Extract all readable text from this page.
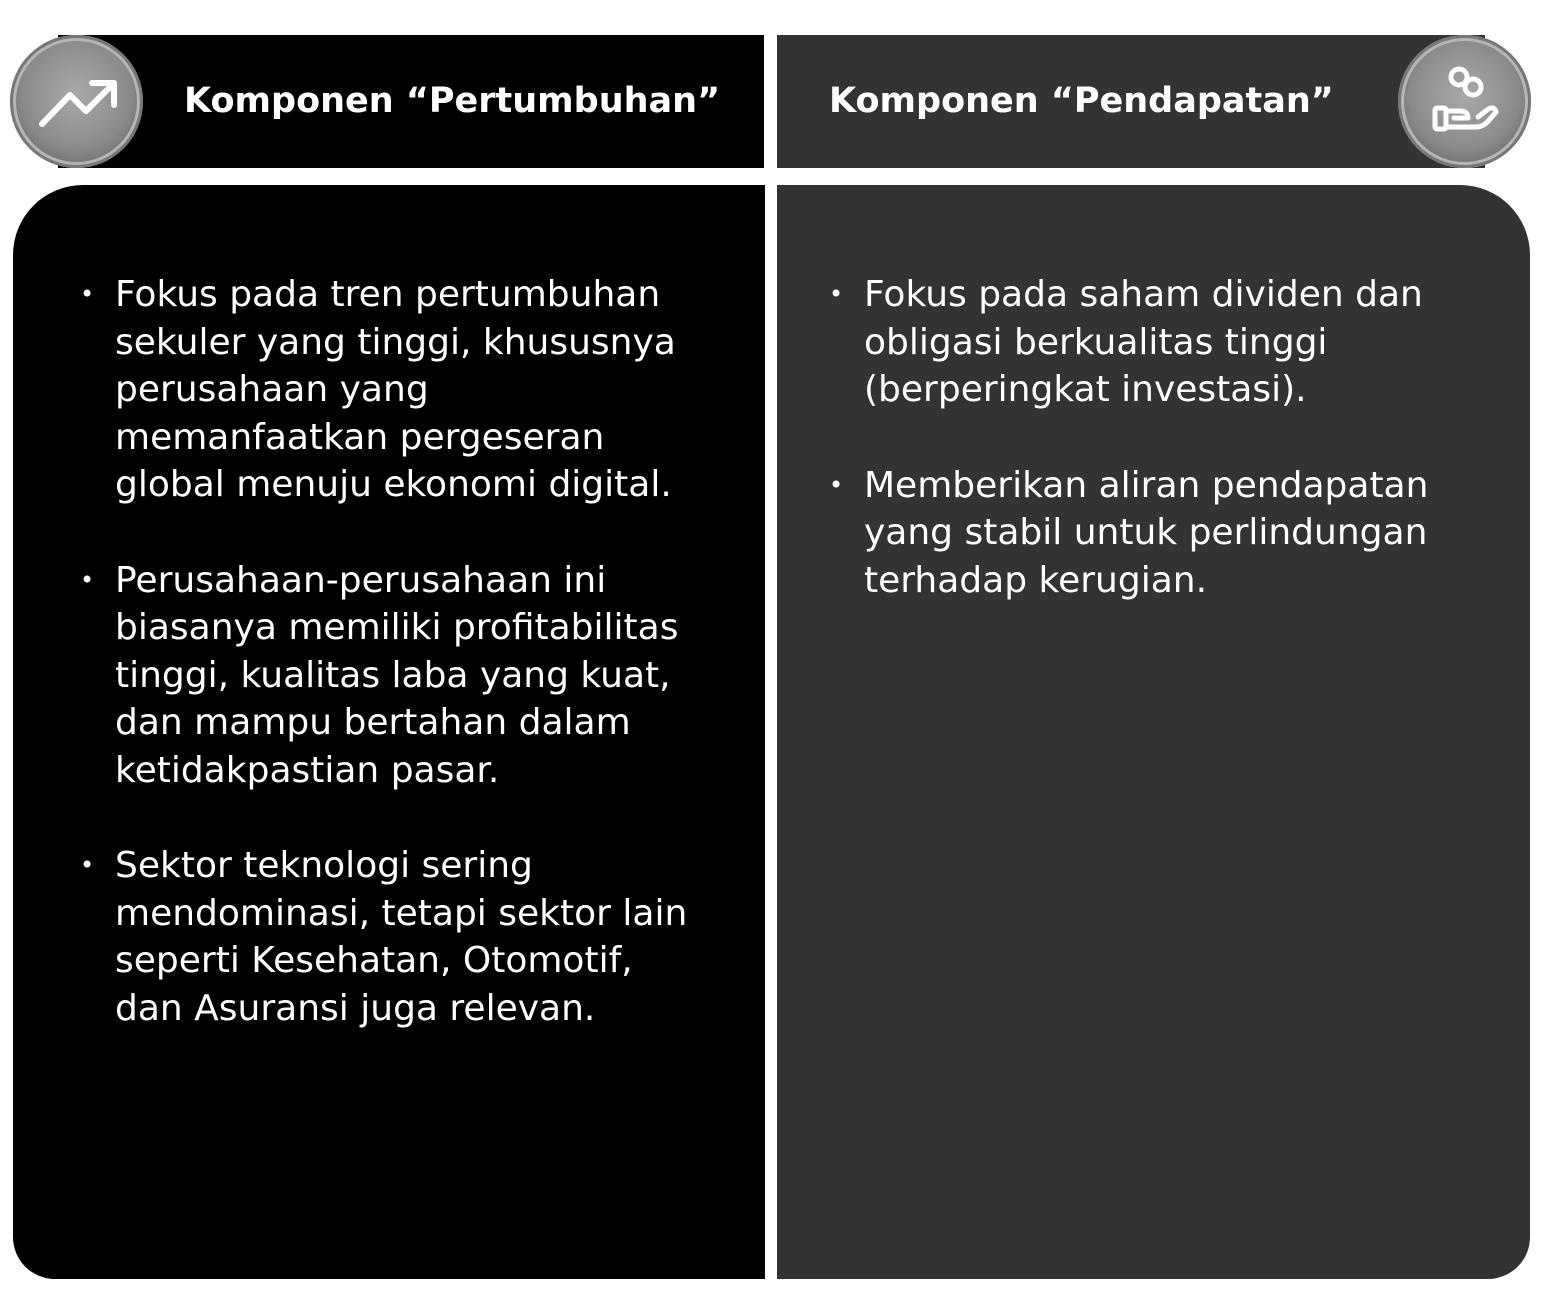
Komponen “Pertumbuhan”	Komponen “Pendapatan”
• Fokus pada tren pertumbuhan sekuler yang tinggi, khususnya perusahaan yang memanfaatkan pergeseran global menuju ekonomi digital.
• Perusahaan-perusahaan ini biasanya memiliki profitabilitas tinggi, kualitas laba yang kuat, dan mampu bertahan dalam ketidakpastian pasar.
• Sektor teknologi sering mendominasi, tetapi sektor lain seperti Kesehatan, Otomotif, dan Asuransi juga relevan.
• Fokus pada saham dividen dan obligasi berkualitas tinggi (berperingkat investasi).
• Memberikan aliran pendapatan yang stabil untuk perlindungan terhadap kerugian.
